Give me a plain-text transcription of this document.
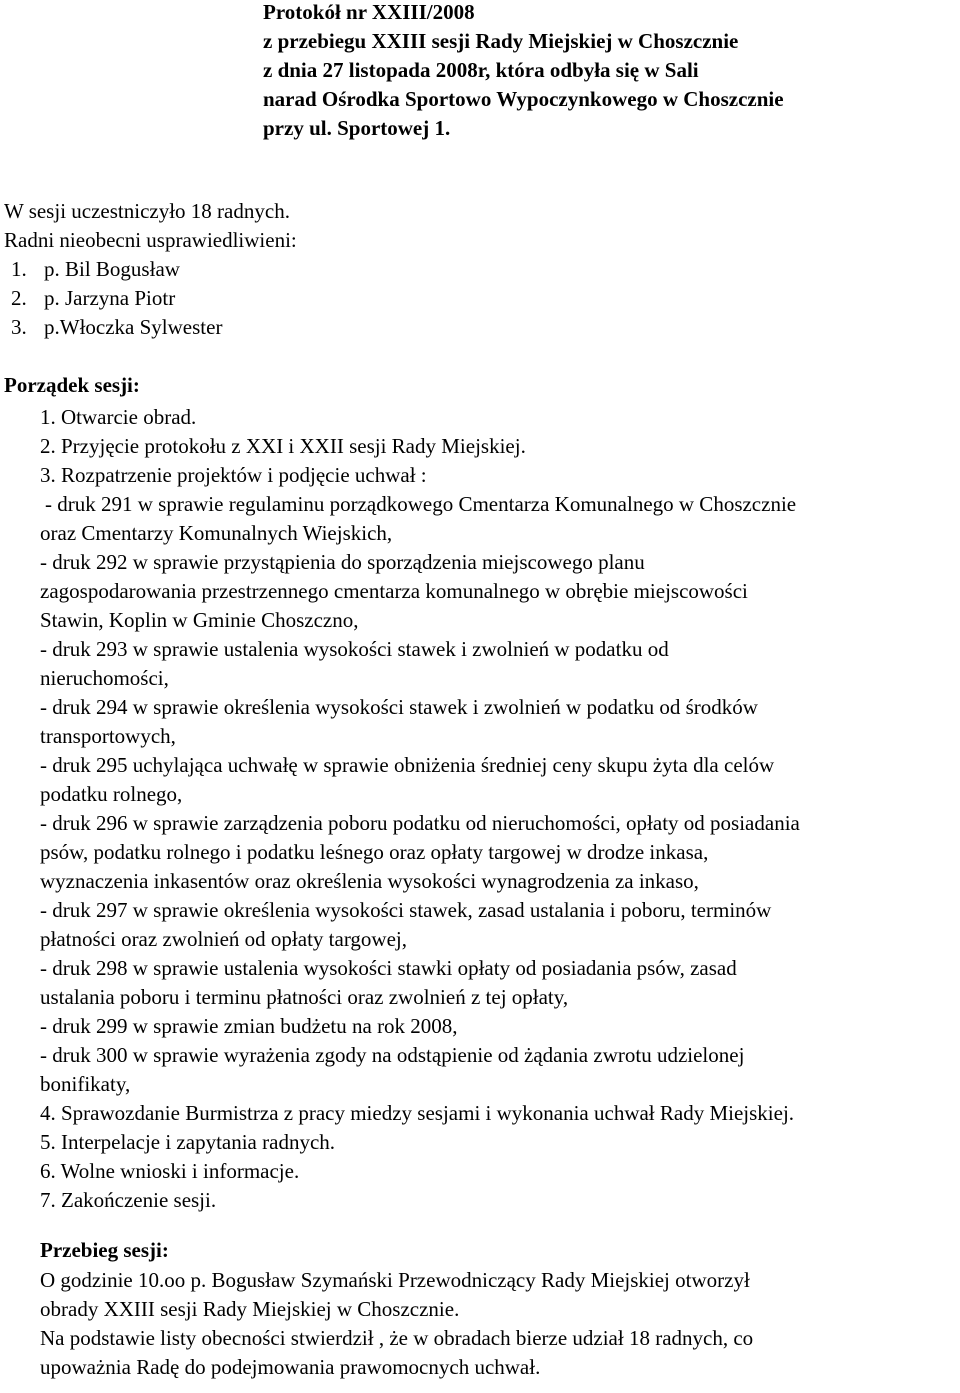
Protokół nr XXIII/2008
z przebiegu XXIII sesji Rady Miejskiej w Choszcznie
z dnia 27 listopada 2008r, która odbyła się w Sali
narad Ośrodka Sportowo Wypoczynkowego w Choszcznie
przy ul. Sportowej 1.
W sesji uczestniczyło 18 radnych.
Radni nieobecni usprawiedliwieni:
1. p. Bil Bogusław
2. p. Jarzyna Piotr
3. p.Włoczka Sylwester
Porządek sesji:
1. Otwarcie obrad.
2. Przyjęcie protokołu z XXI i XXII sesji Rady Miejskiej.
3. Rozpatrzenie projektów i podjęcie uchwał :
- druk 291 w sprawie regulaminu porządkowego Cmentarza Komunalnego w Choszcznie
oraz Cmentarzy Komunalnych Wiejskich,
- druk 292 w sprawie przystąpienia do sporządzenia miejscowego planu
zagospodarowania przestrzennego cmentarza komunalnego w obrębie miejscowości
Stawin, Koplin w Gminie Choszczno,
- druk 293 w sprawie ustalenia wysokości stawek i zwolnień w podatku od
nieruchomości,
- druk 294 w sprawie określenia wysokości stawek i zwolnień w podatku od środków
transportowych,
- druk 295 uchylająca uchwałę w sprawie obniżenia średniej ceny skupu żyta dla celów
podatku rolnego,
- druk 296 w sprawie zarządzenia poboru podatku od nieruchomości, opłaty od posiadania
psów, podatku rolnego i podatku leśnego oraz opłaty targowej w drodze inkasa,
wyznaczenia inkasentów oraz określenia wysokości wynagrodzenia za inkaso,
- druk 297 w sprawie określenia wysokości stawek, zasad ustalania i poboru, terminów
płatności oraz zwolnień od opłaty targowej,
- druk 298 w sprawie ustalenia wysokości stawki opłaty od posiadania psów, zasad
ustalania poboru i terminu płatności oraz zwolnień z tej opłaty,
- druk 299 w sprawie zmian budżetu na rok 2008,
- druk 300 w sprawie wyrażenia zgody na odstąpienie od żądania zwrotu udzielonej
bonifikaty,
4. Sprawozdanie Burmistrza z pracy miedzy sesjami i wykonania uchwał Rady Miejskiej.
5. Interpelacje i zapytania radnych.
6. Wolne wnioski i informacje.
7. Zakończenie sesji.
Przebieg sesji:
O godzinie 10.oo p. Bogusław Szymański Przewodniczący Rady Miejskiej otworzył
obrady XXIII sesji Rady Miejskiej w Choszcznie.
Na podstawie listy obecności stwierdził , że w obradach bierze udział 18 radnych, co
upoważnia Radę do podejmowania prawomocnych uchwał.
